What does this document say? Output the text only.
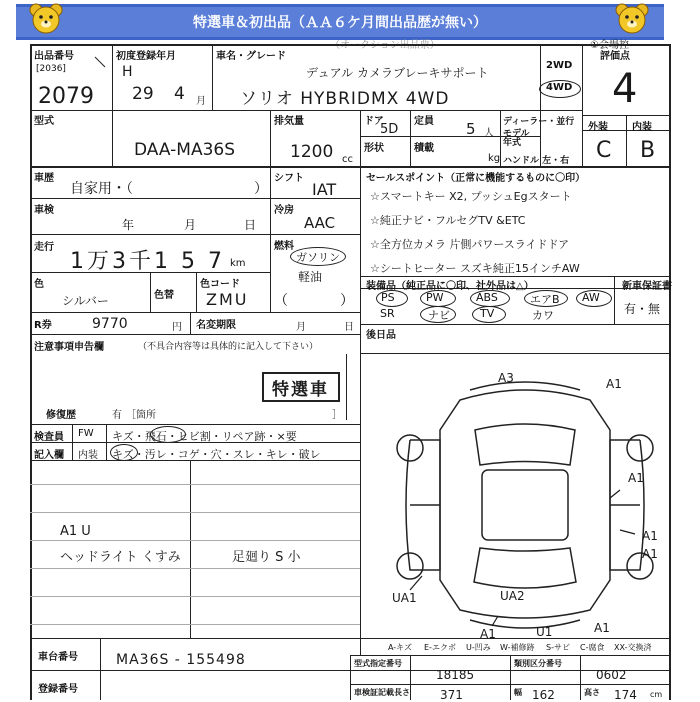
特選車＆初出品（ＡＡ６ケ月間出品歴が無い）
出品番号
[2036]
2079
初度登録年月
H
29 4 月
車名・グレード
デュアル カメラブレーキサポート
ソリオ HYBRIDMX 4WD
2WD
4WD
評価点
4
外装 内装
C B
型式
DAA-MA36S
排気量
1200 cc
ドア
5D
定員 5 人
形状	積載
kg
ディーラー・並行
モデル年式
ハンドル 左・右
車歴
自家用・（	）
シフト
IAT
車検
年	月	日
冷房
AAC
走行
1万3千1 5 7 km
燃料
ガソリン
軽油
色
シルバー	色替
色コード
ZMU （	）
R券	9770	円 名変期限	月	日
セールスポイント（正常に機能するものに〇印）
☆スマートキー X2, プッシュEgスタート
☆純正ナビ・フルセグTV &ETC
☆全方位カメラ 片側パワースライドドア
☆シートヒーター スズキ純正15インチAW
装備品（純正品に〇印、社外品は△）	新車保証書
有・無
PS	PW	ABS	エアB AW
SR	ナビ	TV	カワ
後日品
注意事項申告欄	（不具合内容等は具体的に記入して下さい）
特選車
修復歴	有 ［箇所	］
検査員 FW キズ・飛石・ヒビ割・リペア跡・×要
記入欄 内装 キズ・汚レ・コゲ・穴・スレ・キレ・破レ
A1 U
ヘッドライト くすみ	足廻り S 小
A3	A1
A1
A1
A1
UA1	UA2
A1	U1	A1
A-キズ E-エクボ U-凹み W-補修跡 S-サビ C-腐食 XX-交換済
車台番号	MA36S - 155498
登録番号
型式指定番号
18185
類別区分番号
0602
車検証記載 長さ	371	幅 162	高さ 174 cm
